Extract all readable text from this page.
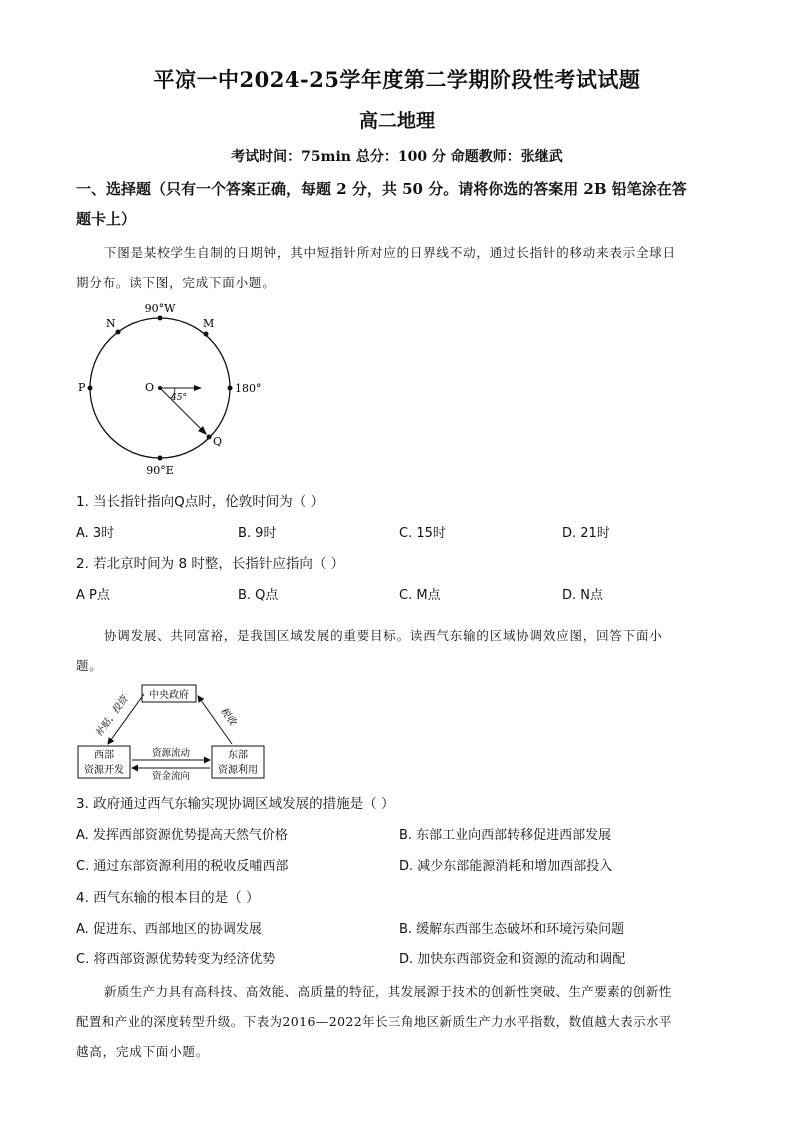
平凉一中2024-25学年度第二学期阶段性考试试题
高二地理
考试时间：75min 总分：100 分 命题教师：张继武
一、选择题（只有一个答案正确，每题 2 分，共 50 分。请将你选的答案用 2B 铅笔涂在答
题卡上）
下图是某校学生自制的日期钟，其中短指针所对应的日界线不动，通过长指针的移动来表示全球日
期分布。读下图，完成下面小题。
90°W
90°E
180°
P
N	M
Q
O
45°
1. 当长指针指向Q点时，伦敦时间为（ ）
A. 3时	B. 9时	C. 15时	D. 21时
2. 若北京时间为 8 时整，长指针应指向（ ）
A P点	B. Q点	C. M点	D. N点
协调发展、共同富裕，是我国区域发展的重要目标。读西气东输的区域协调效应图，回答下面小
题。
中央政府
西部
资源开发
东部
资源利用
补贴、投资	税收
资源流动
资金流向
3. 政府通过西气东输实现协调区域发展的措施是（ ）
A. 发挥西部资源优势提高天然气价格	B. 东部工业向西部转移促进西部发展
C. 通过东部资源利用的税收反哺西部	D. 减少东部能源消耗和增加西部投入
4. 西气东输的根本目的是（ ）
A. 促进东、西部地区的协调发展	B. 缓解东西部生态破坏和环境污染问题
C. 将西部资源优势转变为经济优势	D. 加快东西部资金和资源的流动和调配
新质生产力具有高科技、高效能、高质量的特征，其发展源于技术的创新性突破、生产要素的创新性
配置和产业的深度转型升级。下表为2016—2022年长三角地区新质生产力水平指数，数值越大表示水平
越高，完成下面小题。
